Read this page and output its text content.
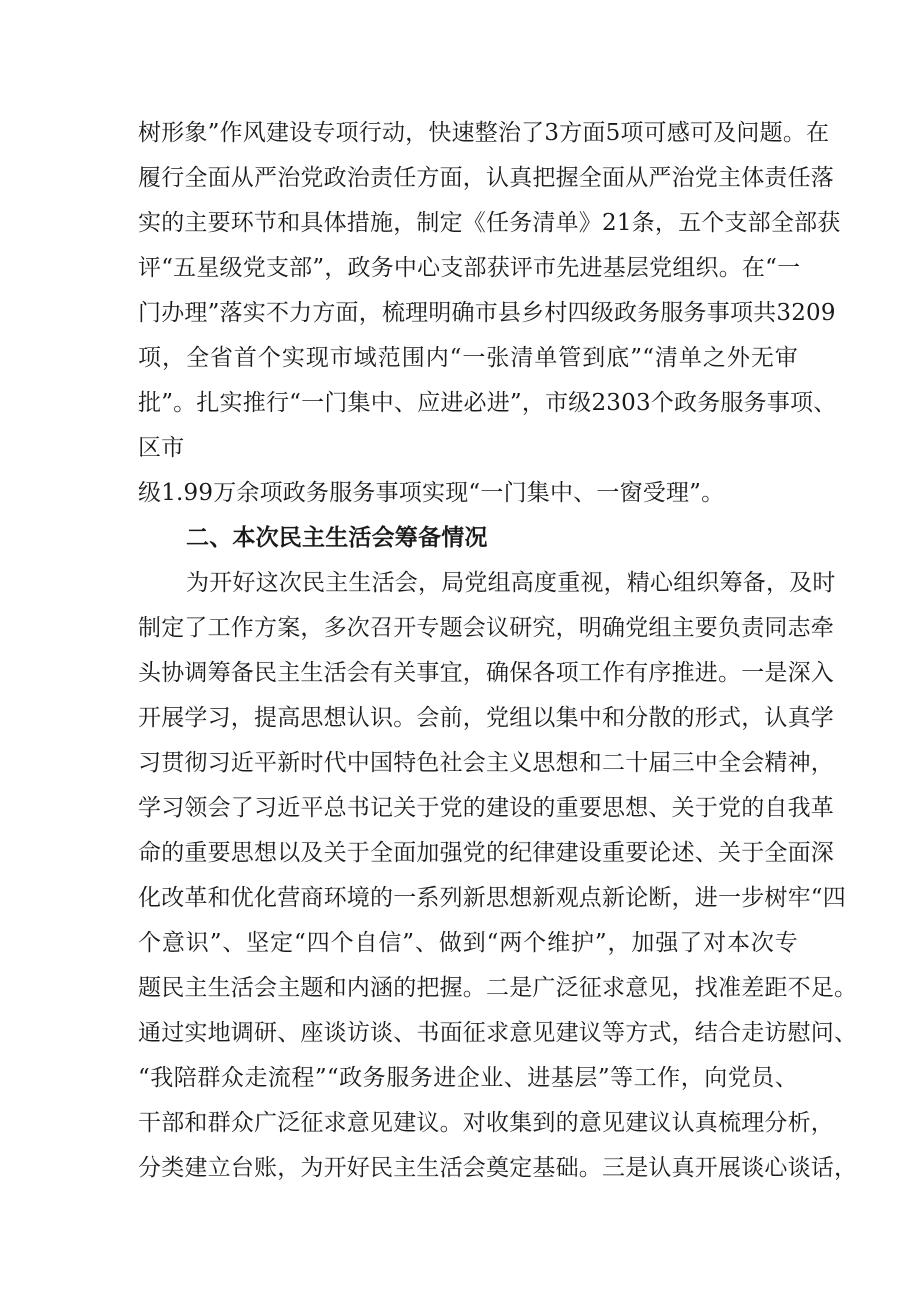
树形象”作风建设专项行动，快速整治了3方面5项可感可及问题。在
履行全面从严治党政治责任方面，认真把握全面从严治党主体责任落
实的主要环节和具体措施，制定《任务清单》21条，五个支部全部获
评“五星级党支部”，政务中心支部获评市先进基层党组织。在“一
门办理”落实不力方面，梳理明确市县乡村四级政务服务事项共3209
项，全省首个实现市域范围内“一张清单管到底”“清单之外无审
批”。扎实推行“一门集中、应进必进”，市级2303个政务服务事项、
区市
级1.99万余项政务服务事项实现“一门集中、一窗受理”。
二、本次民主生活会筹备情况
为开好这次民主生活会，局党组高度重视，精心组织筹备，及时
制定了工作方案，多次召开专题会议研究，明确党组主要负责同志牵
头协调筹备民主生活会有关事宜，确保各项工作有序推进。一是深入
开展学习，提高思想认识。会前，党组以集中和分散的形式，认真学
习贯彻习近平新时代中国特色社会主义思想和二十届三中全会精神，
学习领会了习近平总书记关于党的建设的重要思想、关于党的自我革
命的重要思想以及关于全面加强党的纪律建设重要论述、关于全面深
化改革和优化营商环境的一系列新思想新观点新论断，进一步树牢“四
个意识”、坚定“四个自信”、做到“两个维护”，加强了对本次专
题民主生活会主题和内涵的把握。二是广泛征求意见，找准差距不足。
通过实地调研、座谈访谈、书面征求意见建议等方式，结合走访慰问、
“我陪群众走流程”“政务服务进企业、进基层”等工作，向党员、
干部和群众广泛征求意见建议。对收集到的意见建议认真梳理分析，
分类建立台账，为开好民主生活会奠定基础。三是认真开展谈心谈话，
